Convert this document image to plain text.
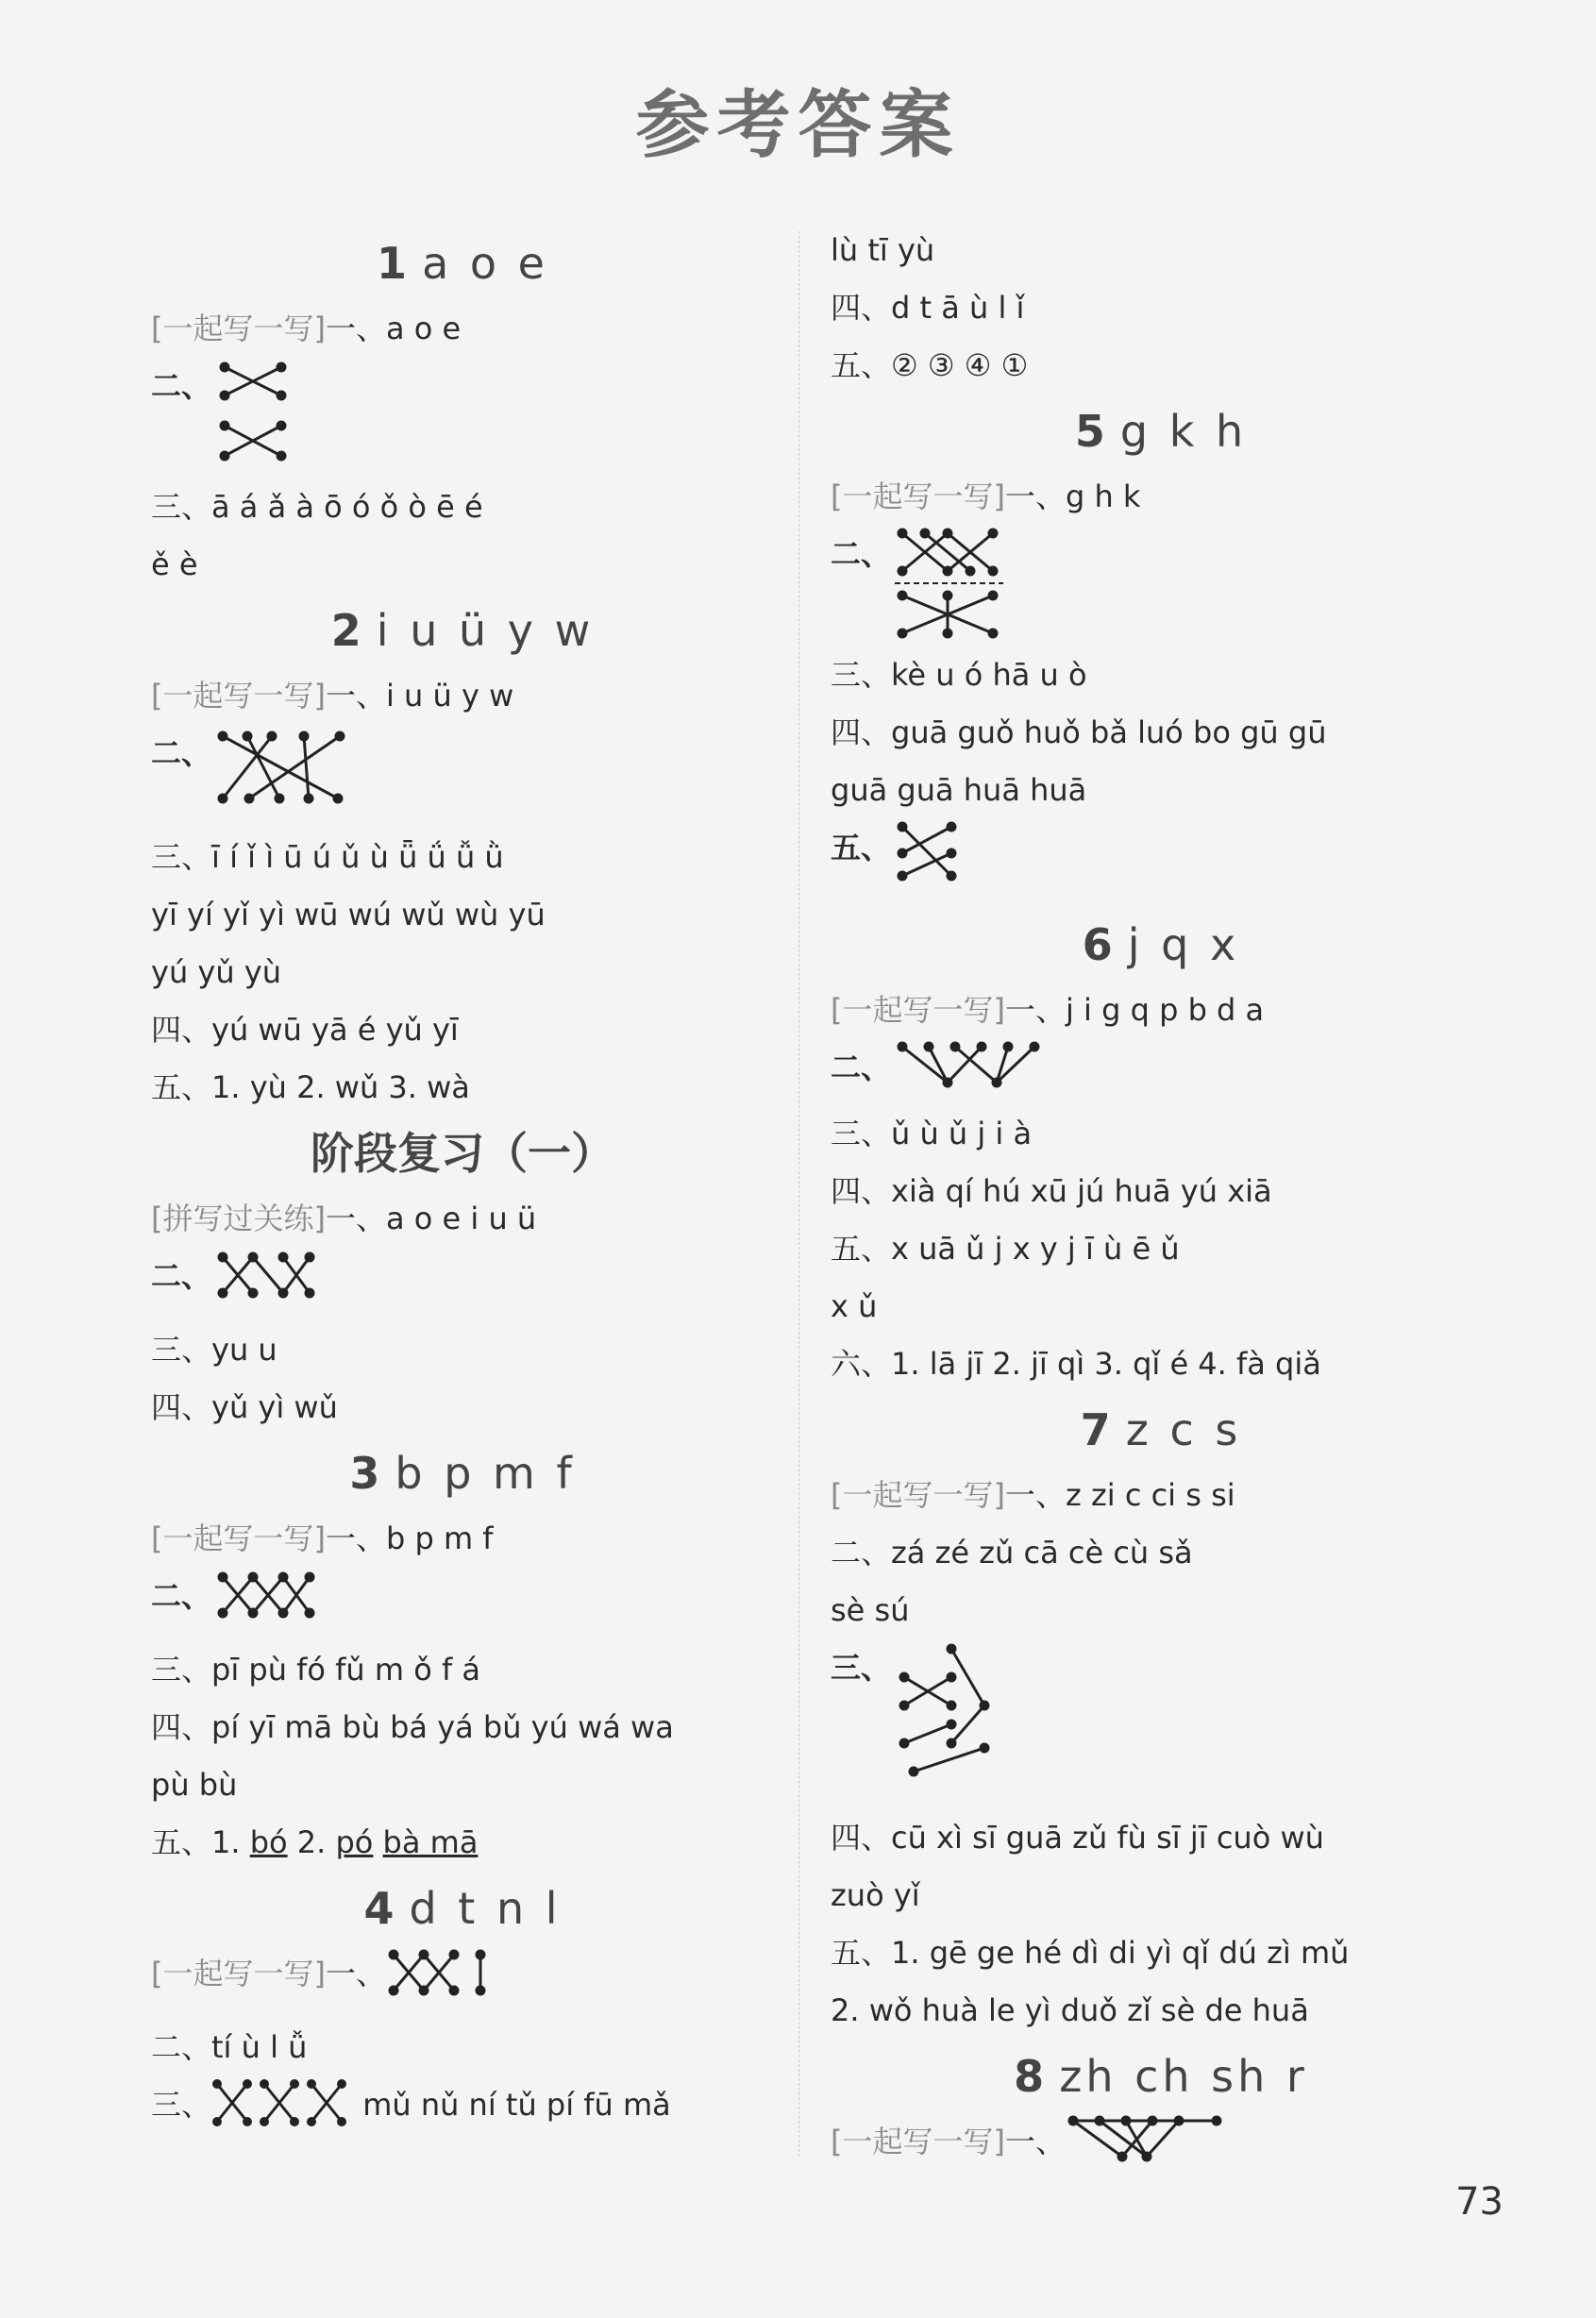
参考答案
1 a o e
[一起写一写]一、a o e
二、
三、ā á ǎ à ō ó ǒ ò ē é
ě è
2 i u ü y w
[一起写一写]一、i u ü y w
二、
三、ī í ǐ ì ū ú ǔ ù ǖ ǘ ǚ ǜ
yī yí yǐ yì wū wú wǔ wù yū
yú yǔ yù
四、yú wū yā é yǔ yī
五、1. yù 2. wǔ 3. wà
阶段复习（一）
[拼写过关练]一、a o e i u ü
二、
三、yu u
四、yǔ yì wǔ
3 b p m f
[一起写一写]一、b p m f
二、
三、pī pù fó fǔ m ǒ f á
四、pí yī mā bù bá yá bǔ yú wá wa
pù bù
五、1. bó 2. pó bà mā
4 d t n l
[一起写一写]一、
二、tí ù l ǚ
三、	mǔ nǔ ní tǔ pí fū mǎ
lù tī yù
四、d t ā ù l ǐ
五、② ③ ④ ①
5 g k h
[一起写一写]一、g h k
二、
三、kè u ó hā u ò
四、guā guǒ huǒ bǎ luó bo gū gū
guā guā huā huā
五、
6 j q x
[一起写一写]一、j i g q p b d a
二、
三、ǔ ù ǔ j i à
四、xià qí hú xū jú huā yú xiā
五、x uā ǔ j x y j ī ù ē ǔ
x ǔ
六、1. lā jī 2. jī qì 3. qǐ é 4. fà qiǎ
7 z c s
[一起写一写]一、z zi c ci s si
二、zá zé zǔ cā cè cù sǎ
sè sú
三、
四、cū xì sī guā zǔ fù sī jī cuò wù
zuò yǐ
五、1. gē ge hé dì di yì qǐ dú zì mǔ
2. wǒ huà le yì duǒ zǐ sè de huā
8 zh ch sh r
[一起写一写]一、
73
